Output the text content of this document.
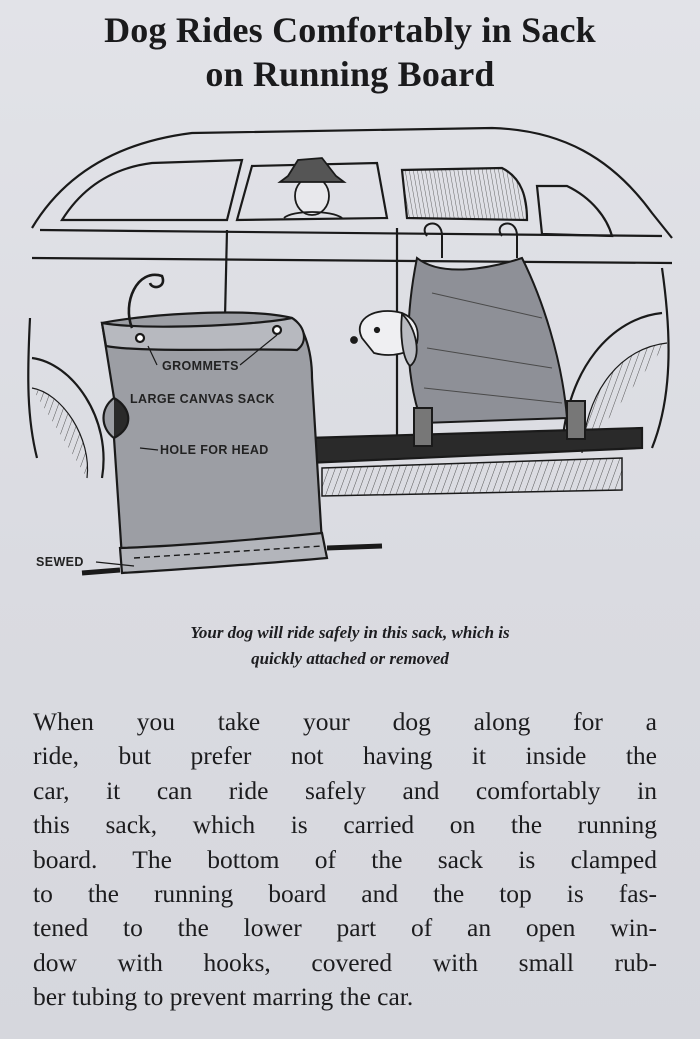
Dog Rides Comfortably in Sack
on Running Board
GROMMETS
LARGE CANVAS SACK
HOLE FOR HEAD
SEWED
Your dog will ride safely in this sack, which is
quickly attached or removed
When you take your dog along for a
ride, but prefer not having it inside the
car, it can ride safely and comfortably in
this sack, which is carried on the running
board. The bottom of the sack is clamped
to the running board and the top is fas-
tened to the lower part of an open win-
dow with hooks, covered with small rub-
ber tubing to prevent marring the car.
